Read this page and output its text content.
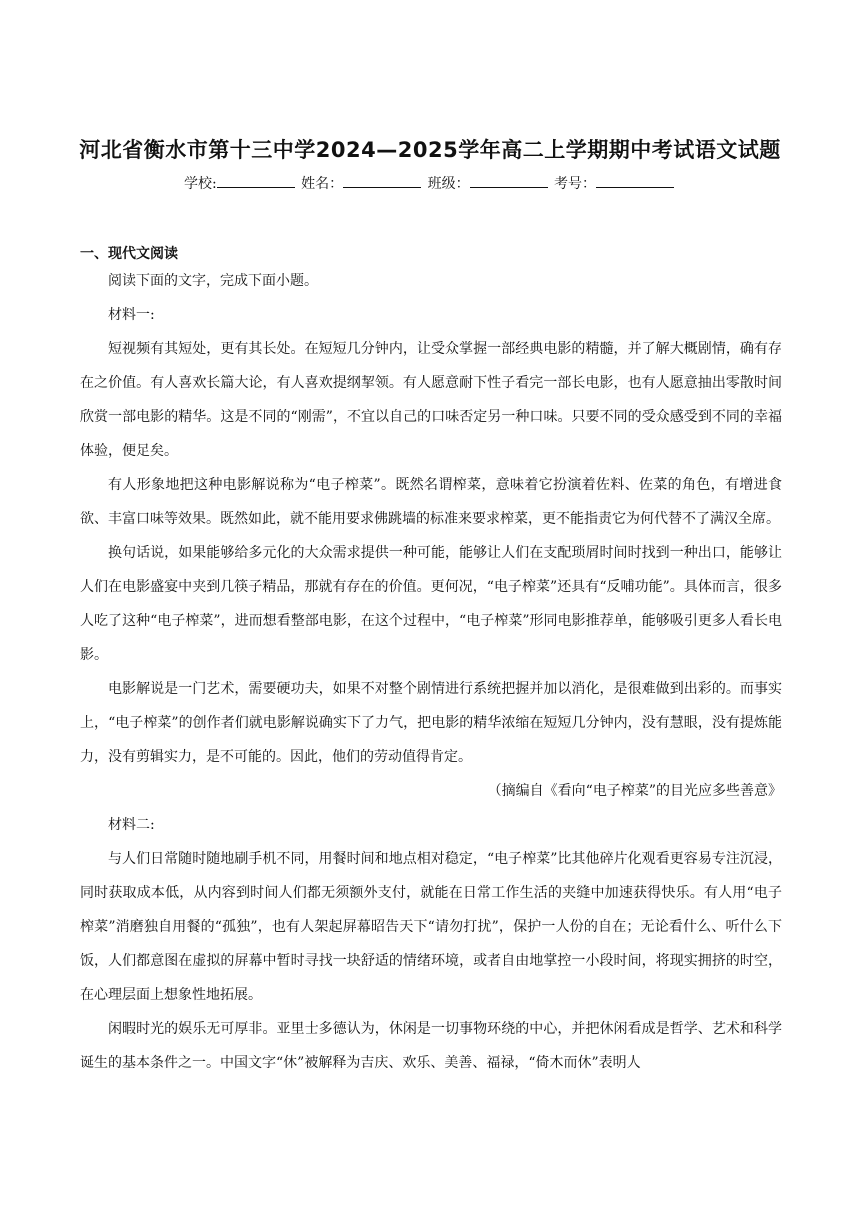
河北省衡水市第十三中学2024—2025学年高二上学期期中考试语文试题
学校:	姓名：	班级：	考号：
一、现代文阅读

阅读下面的文字，完成下面小题。

材料一:

短视频有其短处，更有其长处。在短短几分钟内，让受众掌握一部经典电影的精髓，并了解大概剧情，确有存在之价值。有人喜欢长篇大论，有人喜欢提纲挈领。有人愿意耐下性子看完一部长电影，也有人愿意抽出零散时间欣赏一部电影的精华。这是不同的“刚需”，不宜以自己的口味否定另一种口味。只要不同的受众感受到不同的幸福体验，便足矣。

有人形象地把这种电影解说称为“电子榨菜”。既然名谓榨菜，意味着它扮演着佐料、佐菜的角色，有增进食欲、丰富口味等效果。既然如此，就不能用要求佛跳墙的标准来要求榨菜，更不能指责它为何代替不了满汉全席。

换句话说，如果能够给多元化的大众需求提供一种可能，能够让人们在支配琐屑时间时找到一种出口，能够让人们在电影盛宴中夹到几筷子精品，那就有存在的价值。更何况，“电子榨菜”还具有“反哺功能”。具体而言，很多人吃了这种“电子榨菜”，进而想看整部电影，在这个过程中，“电子榨菜”形同电影推荐单，能够吸引更多人看长电影。

电影解说是一门艺术，需要硬功夫，如果不对整个剧情进行系统把握并加以消化，是很难做到出彩的。而事实上，“电子榨菜”的创作者们就电影解说确实下了力气，把电影的精华浓缩在短短几分钟内，没有慧眼，没有提炼能力，没有剪辑实力，是不可能的。因此，他们的劳动值得肯定。

（摘编自《看向“电子榨菜”的目光应多些善意》

材料二:

与人们日常随时随地刷手机不同，用餐时间和地点相对稳定，“电子榨菜”比其他碎片化观看更容易专注沉浸，同时获取成本低，从内容到时间人们都无须额外支付，就能在日常工作生活的夹缝中加速获得快乐。有人用“电子榨菜”消磨独自用餐的“孤独”，也有人架起屏幕昭告天下“请勿打扰”，保护一人份的自在；无论看什么、听什么下饭，人们都意图在虚拟的屏幕中暂时寻找一块舒适的情绪环境，或者自由地掌控一小段时间，将现实拥挤的时空，在心理层面上想象性地拓展。

闲暇时光的娱乐无可厚非。亚里士多德认为，休闲是一切事物环绕的中心，并把休闲看成是哲学、艺术和科学诞生的基本条件之一。中国文字“休”被解释为吉庆、欢乐、美善、福禄，“倚木而休”表明人
